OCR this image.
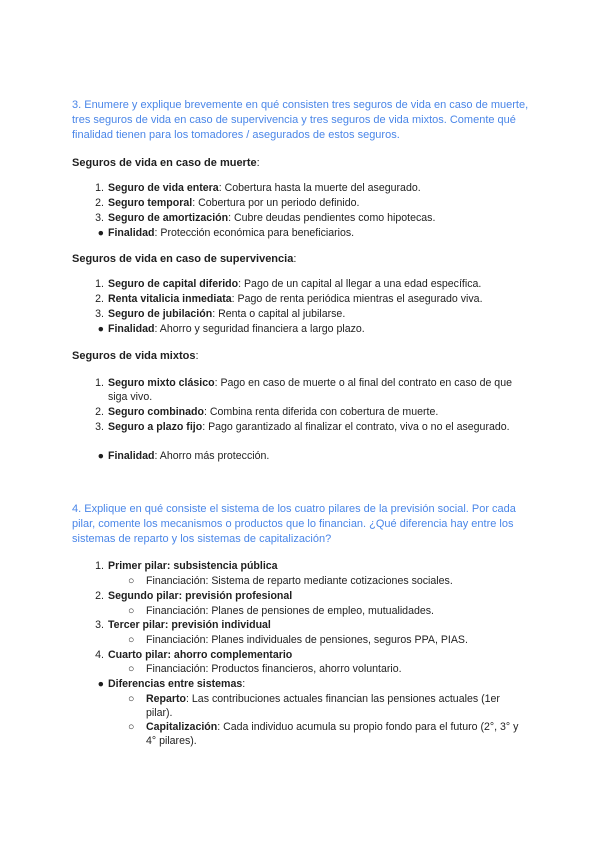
3. Enumere y explique brevemente en qué consisten tres seguros de vida en caso de muerte, tres seguros de vida en caso de supervivencia y tres seguros de vida mixtos. Comente qué finalidad tienen para los tomadores / asegurados de estos seguros.
Seguros de vida en caso de muerte:
1. Seguro de vida entera: Cobertura hasta la muerte del asegurado.
2. Seguro temporal: Cobertura por un periodo definido.
3. Seguro de amortización: Cubre deudas pendientes como hipotecas.
● Finalidad: Protección económica para beneficiarios.
Seguros de vida en caso de supervivencia:
1. Seguro de capital diferido: Pago de un capital al llegar a una edad específica.
2. Renta vitalicia inmediata: Pago de renta periódica mientras el asegurado viva.
3. Seguro de jubilación: Renta o capital al jubilarse.
● Finalidad: Ahorro y seguridad financiera a largo plazo.
Seguros de vida mixtos:
1. Seguro mixto clásico: Pago en caso de muerte o al final del contrato en caso de que siga vivo.
2. Seguro combinado: Combina renta diferida con cobertura de muerte.
3. Seguro a plazo fijo: Pago garantizado al finalizar el contrato, viva o no el asegurado.
● Finalidad: Ahorro más protección.
4. Explique en qué consiste el sistema de los cuatro pilares de la previsión social. Por cada pilar, comente los mecanismos o productos que lo financian. ¿Qué diferencia hay entre los sistemas de reparto y los sistemas de capitalización?
1. Primer pilar: subsistencia pública
○	Financiación: Sistema de reparto mediante cotizaciones sociales.
2. Segundo pilar: previsión profesional
○	Financiación: Planes de pensiones de empleo, mutualidades.
3. Tercer pilar: previsión individual
○	Financiación: Planes individuales de pensiones, seguros PPA, PIAS.
4. Cuarto pilar: ahorro complementario
○	Financiación: Productos financieros, ahorro voluntario.
● Diferencias entre sistemas:
○	Reparto: Las contribuciones actuales financian las pensiones actuales (1er pilar).
○	Capitalización: Cada individuo acumula su propio fondo para el futuro (2°, 3° y 4° pilares).
